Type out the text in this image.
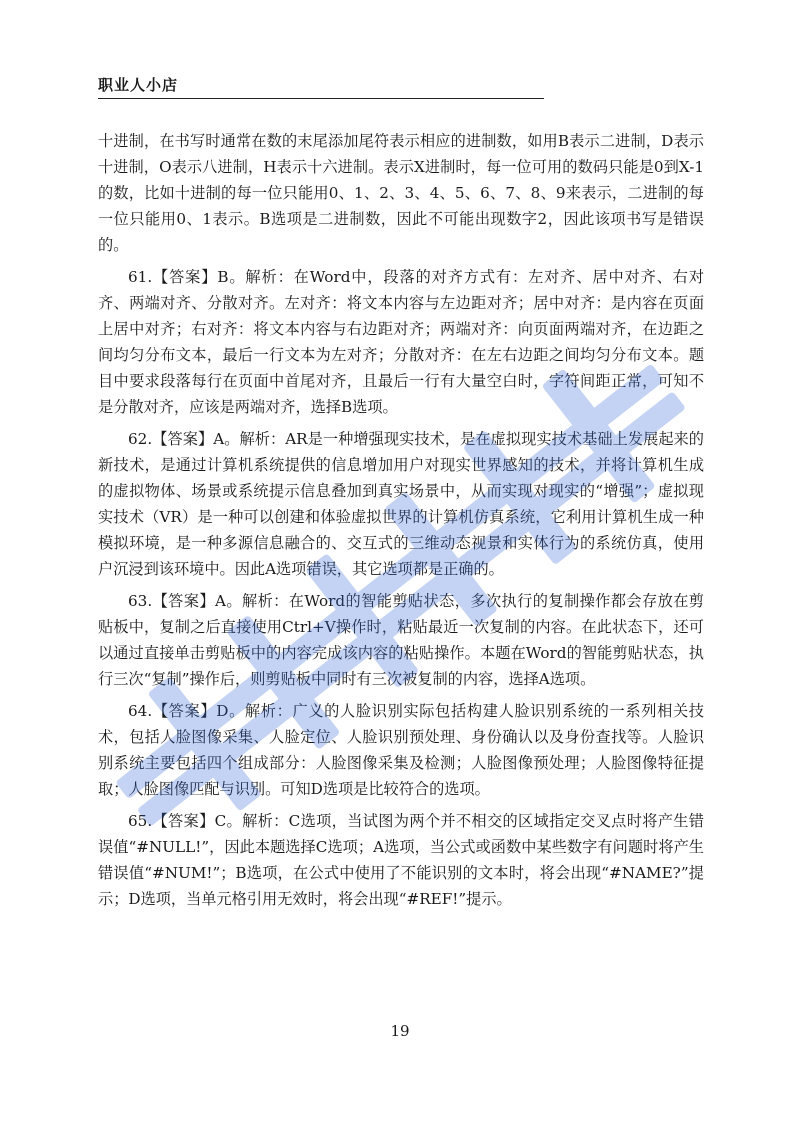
职业人小店

十进制，在书写时通常在数的末尾添加尾符表示相应的进制数，如用B表示二进制，D表示十进制，O表示八进制，H表示十六进制。表示X进制时，每一位可用的数码只能是0到X-1的数，比如十进制的每一位只能用0、1、2、3、4、5、6、7、8、9来表示，二进制的每一位只能用0、1表示。B选项是二进制数，因此不可能出现数字2，因此该项书写是错误的。

61.【答案】B。解析：在Word中，段落的对齐方式有：左对齐、居中对齐、右对齐、两端对齐、分散对齐。左对齐：将文本内容与左边距对齐；居中对齐：是内容在页面上居中对齐；右对齐：将文本内容与右边距对齐；两端对齐：向页面两端对齐，在边距之间均匀分布文本，最后一行文本为左对齐；分散对齐：在左右边距之间均匀分布文本。题目中要求段落每行在页面中首尾对齐，且最后一行有大量空白时，字符间距正常，可知不是分散对齐，应该是两端对齐，选择B选项。

62.【答案】A。解析：AR是一种增强现实技术，是在虚拟现实技术基础上发展起来的新技术，是通过计算机系统提供的信息增加用户对现实世界感知的技术，并将计算机生成的虚拟物体、场景或系统提示信息叠加到真实场景中，从而实现对现实的“增强”；虚拟现实技术（VR）是一种可以创建和体验虚拟世界的计算机仿真系统，它利用计算机生成一种模拟环境，是一种多源信息融合的、交互式的三维动态视景和实体行为的系统仿真，使用户沉浸到该环境中。因此A选项错误，其它选项都是正确的。

63.【答案】A。解析：在Word的智能剪贴状态，多次执行的复制操作都会存放在剪贴板中，复制之后直接使用Ctrl+V操作时，粘贴最近一次复制的内容。在此状态下，还可以通过直接单击剪贴板中的内容完成该内容的粘贴操作。本题在Word的智能剪贴状态，执行三次“复制”操作后，则剪贴板中同时有三次被复制的内容，选择A选项。

64.【答案】D。解析：广义的人脸识别实际包括构建人脸识别系统的一系列相关技术，包括人脸图像采集、人脸定位、人脸识别预处理、身份确认以及身份查找等。人脸识别系统主要包括四个组成部分：人脸图像采集及检测；人脸图像预处理；人脸图像特征提取；人脸图像匹配与识别。可知D选项是比较符合的选项。

65.【答案】C。解析：C选项，当试图为两个并不相交的区域指定交叉点时将产生错误值“#NULL!”，因此本题选择C选项；A选项，当公式或函数中某些数字有问题时将产生错误值“#NUM!”；B选项，在公式中使用了不能识别的文本时，将会出现“#NAME?”提示；D选项，当单元格引用无效时，将会出现“#REF!”提示。

19
